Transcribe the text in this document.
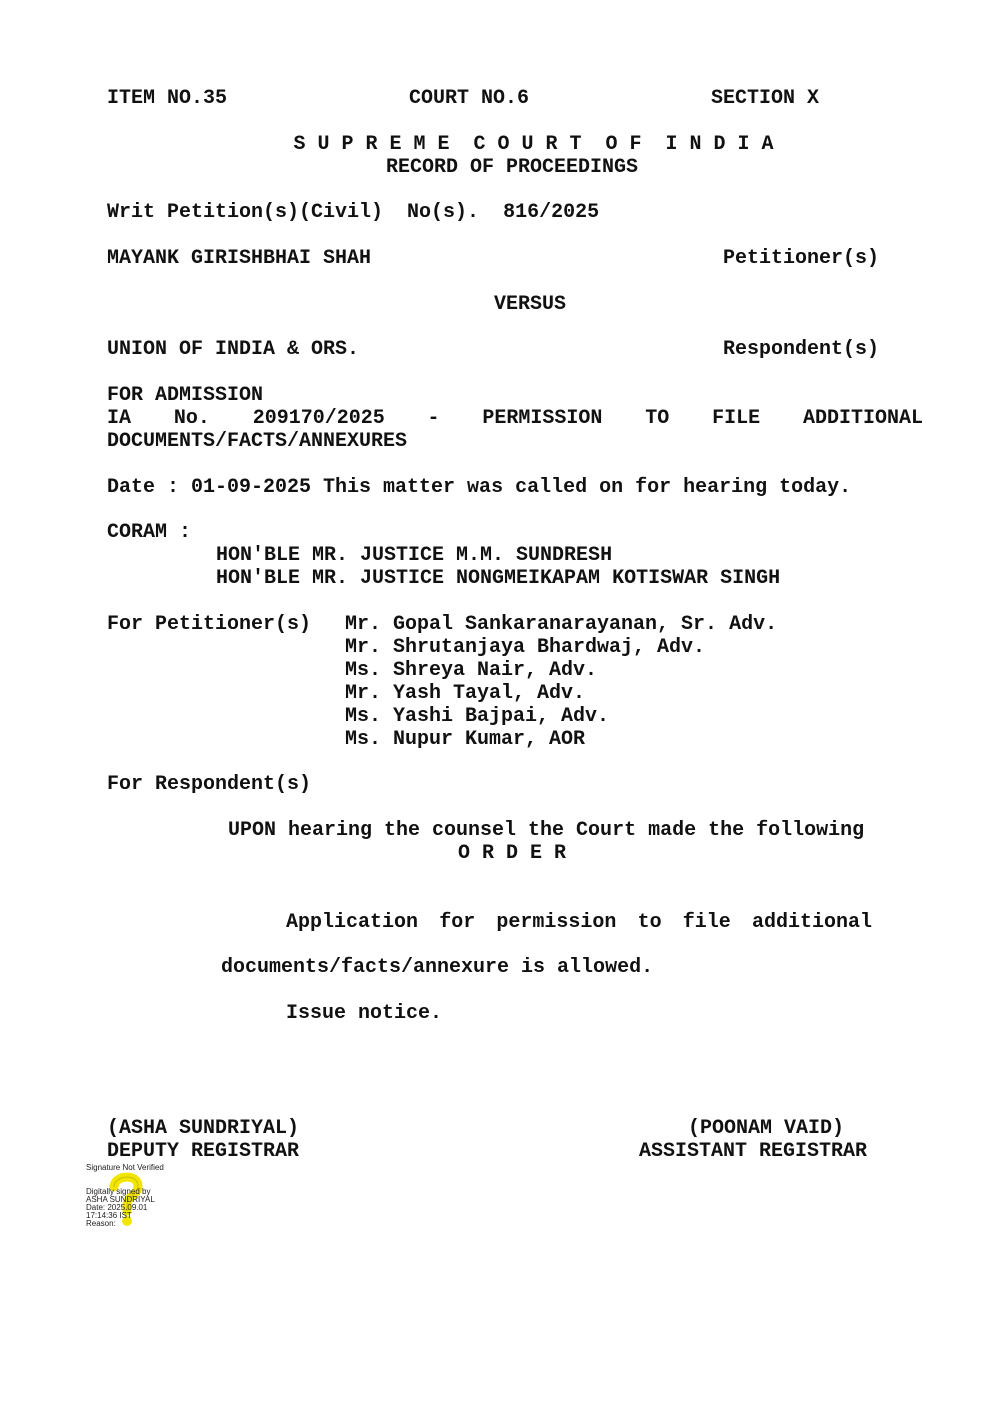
ITEM NO.35	COURT NO.6	SECTION X
S U P R E M E  C O U R T  O F  I N D I A
RECORD OF PROCEEDINGS
Writ Petition(s)(Civil)  No(s).  816/2025
MAYANK GIRISHBHAI SHAH	Petitioner(s)
VERSUS
UNION OF INDIA & ORS.	Respondent(s)
FOR ADMISSION
IA No. 209170/2025 - PERMISSION TO FILE ADDITIONAL
DOCUMENTS/FACTS/ANNEXURES
Date : 01-09-2025 This matter was called on for hearing today.
CORAM :
HON'BLE MR. JUSTICE M.M. SUNDRESH
HON'BLE MR. JUSTICE NONGMEIKAPAM KOTISWAR SINGH
For Petitioner(s) Mr. Gopal Sankaranarayanan, Sr. Adv.
Mr. Shrutanjaya Bhardwaj, Adv.
Ms. Shreya Nair, Adv.
Mr. Yash Tayal, Adv.
Ms. Yashi Bajpai, Adv.
Ms. Nupur Kumar, AOR
For Respondent(s)
UPON hearing the counsel the Court made the following
O R D E R
Application for permission to file additional
documents/facts/annexure is allowed.
Issue notice.
(ASHA SUNDRIYAL)
DEPUTY REGISTRAR
(POONAM VAID)
ASSISTANT REGISTRAR
Signature Not Verified
Digitally signed by
ASHA SUNDRIYAL
Date: 2025.09.01
17:14:36 IST
Reason:
